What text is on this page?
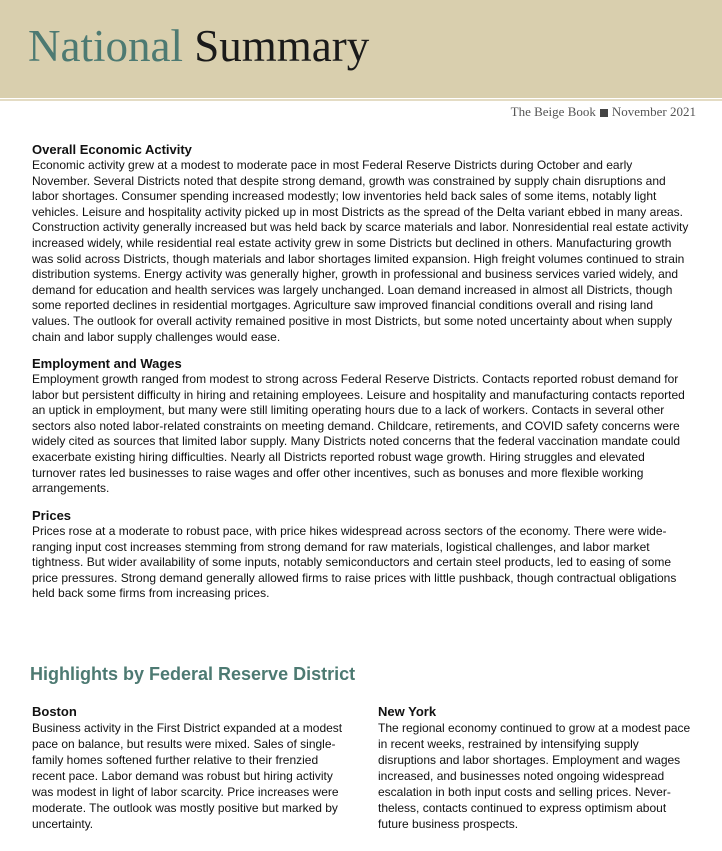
National Summary
The Beige Book November 2021
Overall Economic Activity

Economic activity grew at a modest to moderate pace in most Federal Reserve Districts during October and early November. Several Districts noted that despite strong demand, growth was constrained by supply chain disruptions and labor shortages. Consumer spending increased modestly; low inventories held back sales of some items, notably light vehicles. Leisure and hospitality activity picked up in most Districts as the spread of the Delta variant ebbed in many areas. Construction activity generally increased but was held back by scarce materials and labor. Nonresidential real estate activity increased widely, while residential real estate activity grew in some Districts but declined in others. Manufacturing growth was solid across Districts, though materials and labor shortages limited expansion. High freight volumes continued to strain distribution systems. Energy activity was generally higher, growth in professional and business services varied widely, and demand for education and health services was largely unchanged. Loan demand increased in almost all Districts, though some reported declines in residential mortgages. Agriculture saw improved financial conditions overall and rising land values. The outlook for overall activity remained positive in most Districts, but some noted uncertainty about when supply chain and labor supply challenges would ease.

Employment and Wages

Employment growth ranged from modest to strong across Federal Reserve Districts. Contacts reported robust demand for labor but persistent difficulty in hiring and retaining employees. Leisure and hospitality and manufacturing contacts reported an uptick in employment, but many were still limiting operating hours due to a lack of workers. Contacts in several other sectors also noted labor-related constraints on meeting demand. Childcare, retirements, and COVID safety concerns were widely cited as sources that limited labor supply. Many Districts noted concerns that the federal vaccination mandate could exacerbate existing hiring difficulties. Nearly all Districts reported robust wage growth. Hiring struggles and elevated turnover rates led businesses to raise wages and offer other incentives, such as bonuses and more flexible working arrangements.

Prices

Prices rose at a moderate to robust pace, with price hikes widespread across sectors of the economy. There were wide-ranging input cost increases stemming from strong demand for raw materials, logistical challenges, and labor market tightness. But wider availability of some inputs, notably semiconductors and certain steel products, led to easing of some price pressures. Strong demand generally allowed firms to raise prices with little pushback, though contractual obligations held back some firms from increasing prices.

Highlights by Federal Reserve District
Boston

Business activity in the First District expanded at a modest pace on balance, but results were mixed. Sales of single-family homes softened further relative to their frenzied recent pace. Labor demand was robust but hiring activity was modest in light of labor scarcity. Price increases were moderate. The outlook was mostly positive but marked by uncertainty.

New York

The regional economy continued to grow at a modest pace in recent weeks, restrained by intensifying supply disruptions and labor shortages. Employment and wages increased, and businesses noted ongoing widespread escalation in both input costs and selling prices. Nevertheless, contacts continued to express optimism about future business prospects.
